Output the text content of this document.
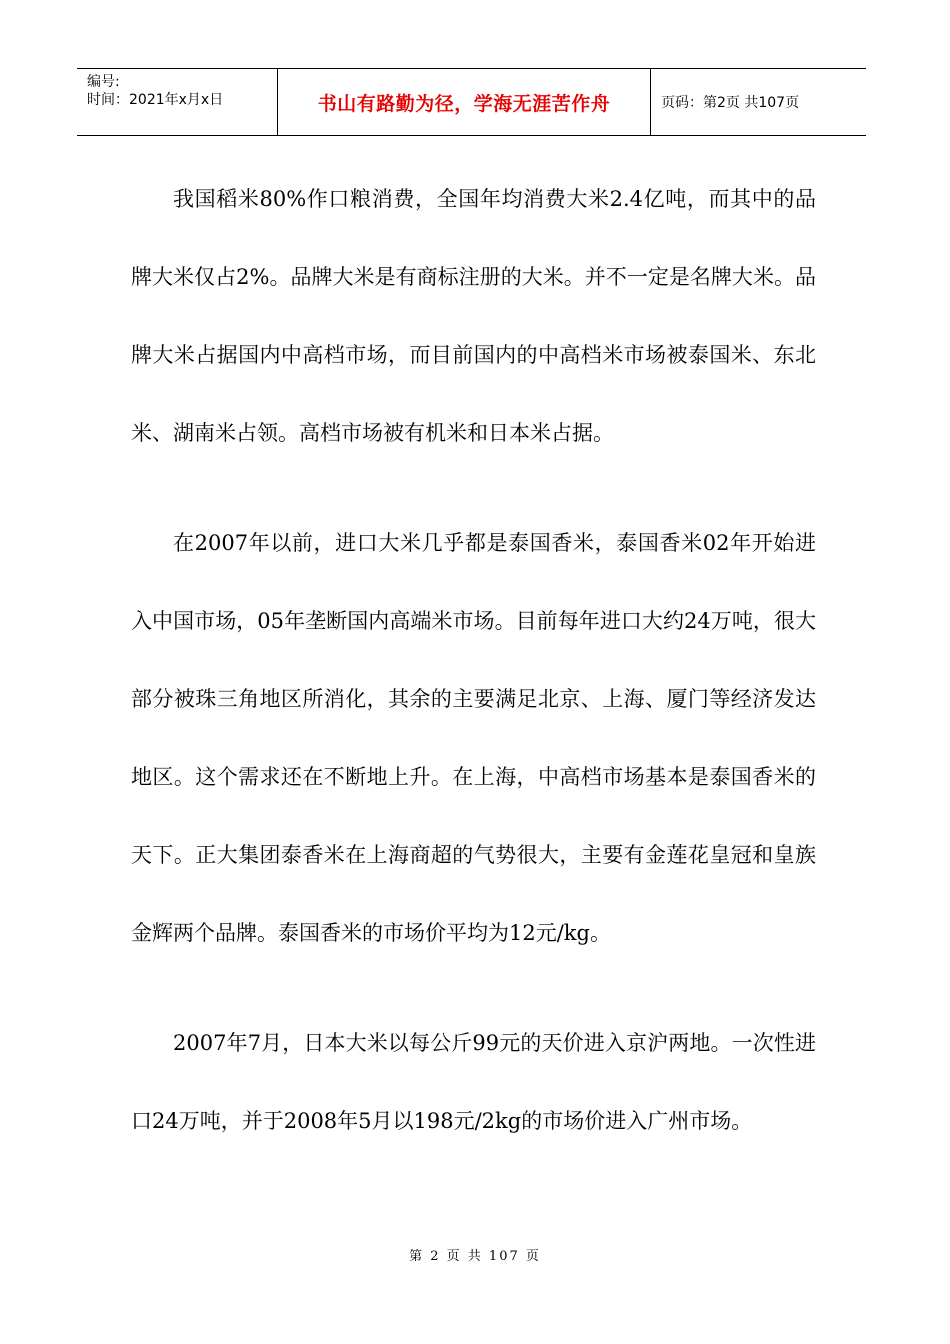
编号:
时间：2021年x月x日	书山有路勤为径，学海无涯苦作舟	页码：第2页 共107页

我国稻米80%作口粮消费，全国年均消费大米2.4亿吨，而其中的品牌大米仅占2%。品牌大米是有商标注册的大米。并不一定是名牌大米。品牌大米占据国内中高档市场，而目前国内的中高档米市场被泰国米、东北米、湖南米占领。高档市场被有机米和日本米占据。

在2007年以前，进口大米几乎都是泰国香米，泰国香米02年开始进入中国市场，05年垄断国内高端米市场。目前每年进口大约24万吨，很大部分被珠三角地区所消化，其余的主要满足北京、上海、厦门等经济发达地区。这个需求还在不断地上升。在上海，中高档市场基本是泰国香米的天下。正大集团泰香米在上海商超的气势很大，主要有金莲花皇冠和皇族金辉两个品牌。泰国香米的市场价平均为12元/kg。

2007年7月，日本大米以每公斤99元的天价进入京沪两地。一次性进口24万吨，并于2008年5月以198元/2kg的市场价进入广州市场。

第 2 页 共 107 页
